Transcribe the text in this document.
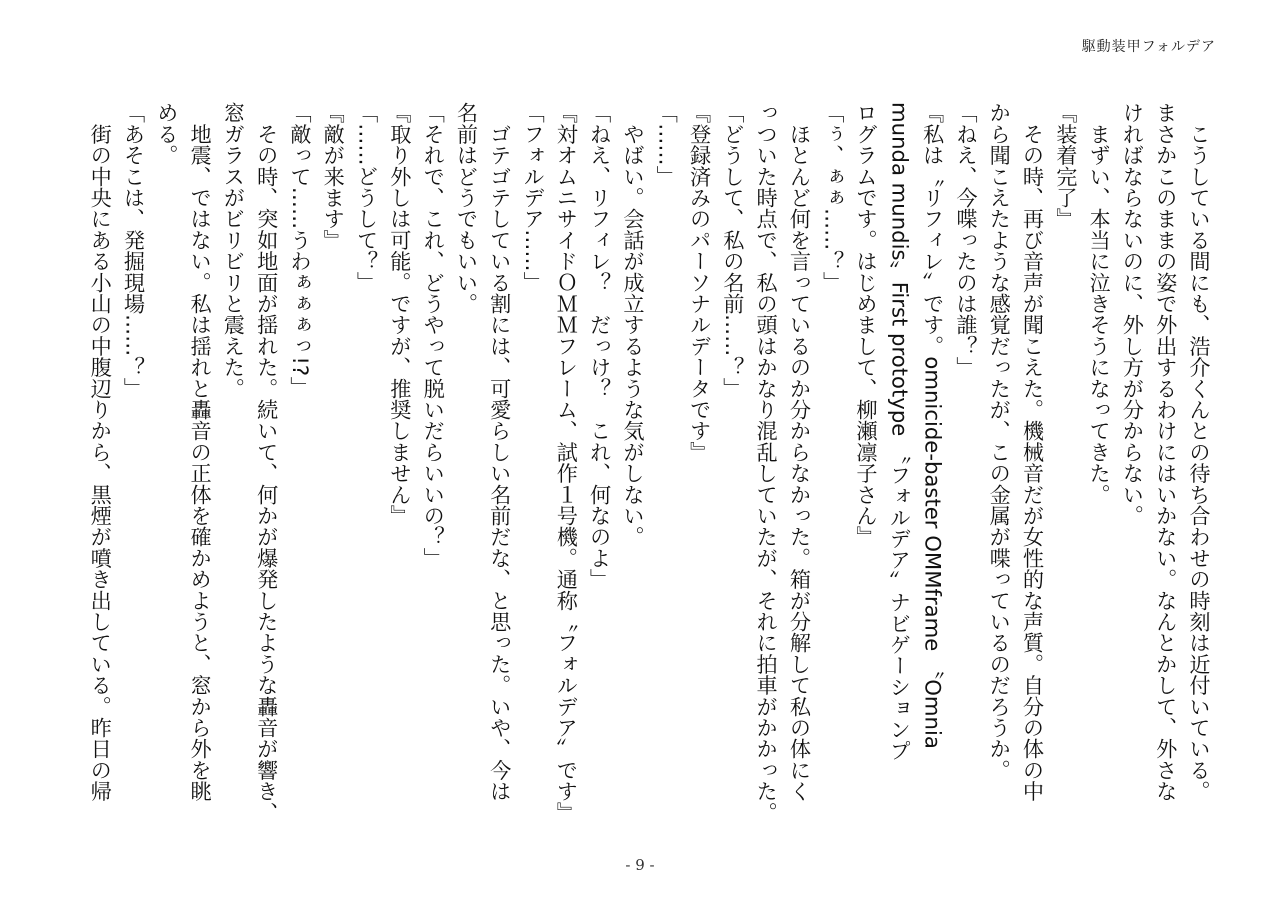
駆動装甲フォルデア
　こうしている間にも、浩介くんとの待ち合わせの時刻は近付いている。
まさかこのままの姿で外出するわけにはいかない。なんとかして、外さな
ければならないのに、外し方が分からない。
　まずい、本当に泣きそうになってきた。
『装着完了』
　その時、再び音声が聞こえた。機械音だが女性的な声質。自分の体の中
から聞こえたような感覚だったが、この金属が喋っているのだろうか。
「ねえ、今喋ったのは誰？」
『私は〝リフィレ〟です。omnicide-baster OMMframe 〝Omnia
munda mundis〟First prototype 〝フォルデア〟ナビゲーションプ
ログラムです。はじめまして、柳瀬凛子さん』
「ぅ、ぁぁ……？」
　ほとんど何を言っているのか分からなかった。箱が分解して私の体にく
っついた時点で、私の頭はかなり混乱していたが、それに拍車がかかった。
「どうして、私の名前……？」
『登録済みのパーソナルデータです』
「……」
　やばい。会話が成立するような気がしない。
「ねえ、リフィレ？　だっけ？　これ、何なのよ」
『対オムニサイドＯＭＭフレーム、試作１号機。通称〝フォルデア〟です』
「フォルデア……」
　ゴテゴテしている割には、可愛らしい名前だな、と思った。いや、今は
名前はどうでもいい。
「それで、これ、どうやって脱いだらいいの？」
『取り外しは可能。ですが、推奨しません』
「……どうして？」
『敵が来ます』
「敵って……うわぁぁぁっ!?」
　その時、突如地面が揺れた。続いて、何かが爆発したような轟音が響き、
窓ガラスがビリビリと震えた。
　地震、ではない。私は揺れと轟音の正体を確かめようと、窓から外を眺
める。
「あそこは、発掘現場……？」
　街の中央にある小山の中腹辺りから、黒煙が噴き出している。昨日の帰
- 9 -
